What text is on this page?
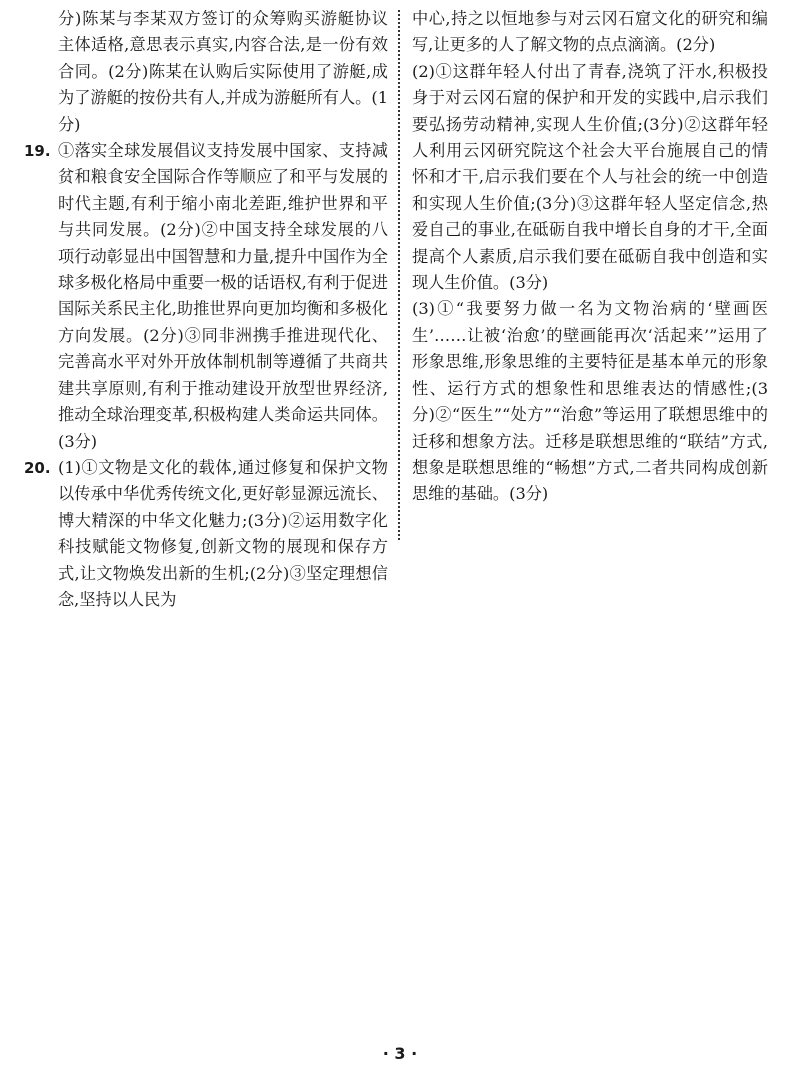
分)陈某与李某双方签订的众筹购买游艇协议主体适格,意思表示真实,内容合法,是一份有效合同。(2分)陈某在认购后实际使用了游艇,成为了游艇的按份共有人,并成为游艇所有人。(1分)

19. ①落实全球发展倡议支持发展中国家、支持减贫和粮食安全国际合作等顺应了和平与发展的时代主题,有利于缩小南北差距,维护世界和平与共同发展。(2分)②中国支持全球发展的八项行动彰显出中国智慧和力量,提升中国作为全球多极化格局中重要一极的话语权,有利于促进国际关系民主化,助推世界向更加均衡和多极化方向发展。(2分)③同非洲携手推进现代化、完善高水平对外开放体制机制等遵循了共商共建共享原则,有利于推动建设开放型世界经济,推动全球治理变革,积极构建人类命运共同体。(3分)

20. (1)①文物是文化的载体,通过修复和保护文物以传承中华优秀传统文化,更好彰显源远流长、博大精深的中华文化魅力;(3分)②运用数字化科技赋能文物修复,创新文物的展现和保存方式,让文物焕发出新的生机;(2分)③坚定理想信念,坚持以人民为

中心,持之以恒地参与对云冈石窟文化的研究和编写,让更多的人了解文物的点点滴滴。(2分)

(2)①这群年轻人付出了青春,浇筑了汗水,积极投身于对云冈石窟的保护和开发的实践中,启示我们要弘扬劳动精神,实现人生价值;(3分)②这群年轻人利用云冈研究院这个社会大平台施展自己的情怀和才干,启示我们要在个人与社会的统一中创造和实现人生价值;(3分)③这群年轻人坚定信念,热爱自己的事业,在砥砺自我中增长自身的才干,全面提高个人素质,启示我们要在砥砺自我中创造和实现人生价值。(3分)

(3)①“我要努力做一名为文物治病的‘壁画医生’……让被‘治愈’的壁画能再次‘活起来’”运用了形象思维,形象思维的主要特征是基本单元的形象性、运行方式的想象性和思维表达的情感性;(3分)②“医生”“处方”“治愈”等运用了联想思维中的迁移和想象方法。迁移是联想思维的“联结”方式,想象是联想思维的“畅想”方式,二者共同构成创新思维的基础。(3分)

· 3 ·
